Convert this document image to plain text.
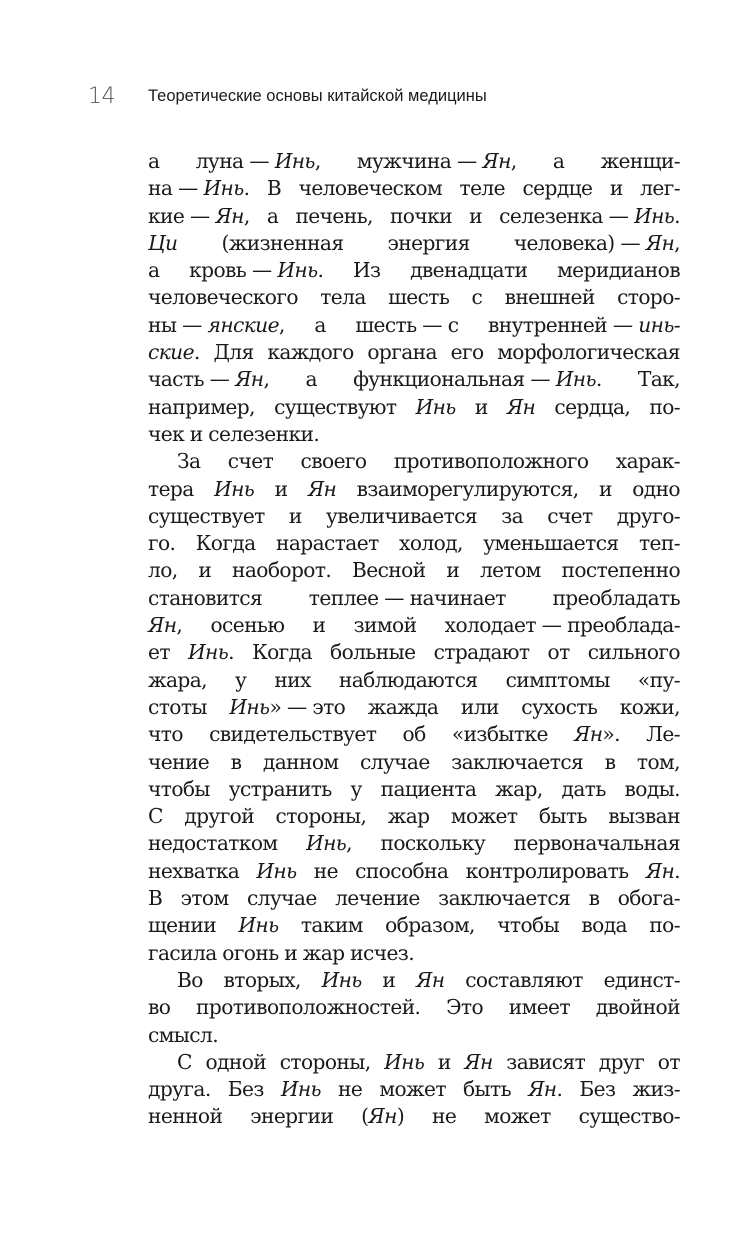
14 Теоретические основы китайской медицины
а луна — Инь, мужчина — Ян, а женщи-
на — Инь. В человеческом теле сердце и лег-
кие — Ян, а печень, почки и селезенка — Инь.
Ци (жизненная энергия человека) — Ян,
а кровь — Инь. Из двенадцати меридианов
человеческого тела шесть с внешней сторо-
ны — янские, а шесть — с внутренней — инь-
ские. Для каждого органа его морфологическая
часть — Ян, а функциональная — Инь. Так,
например, существуют Инь и Ян сердца, по-
чек и селезенки.
За счет своего противоположного харак-
тера Инь и Ян взаиморегулируются, и одно
существует и увеличивается за счет друго-
го. Когда нарастает холод, уменьшается теп-
ло, и наоборот. Весной и летом постепенно
становится теплее — начинает преобладать
Ян, осенью и зимой холодает — преоблада-
ет Инь. Когда больные страдают от сильного
жара, у них наблюдаются симптомы «пу-
стоты Инь» — это жажда или сухость кожи,
что свидетельствует об «избытке Ян». Ле-
чение в данном случае заключается в том,
чтобы устранить у пациента жар, дать воды.
С другой стороны, жар может быть вызван
недостатком Инь, поскольку первоначальная
нехватка Инь не способна контролировать Ян.
В этом случае лечение заключается в обога-
щении Инь таким образом, чтобы вода по-
гасила огонь и жар исчез.
Во вторых, Инь и Ян составляют единст-
во противоположностей. Это имеет двойной
смысл.
С одной стороны, Инь и Ян зависят друг от
друга. Без Инь не может быть Ян. Без жиз-
ненной энергии (Ян) не может существо-
